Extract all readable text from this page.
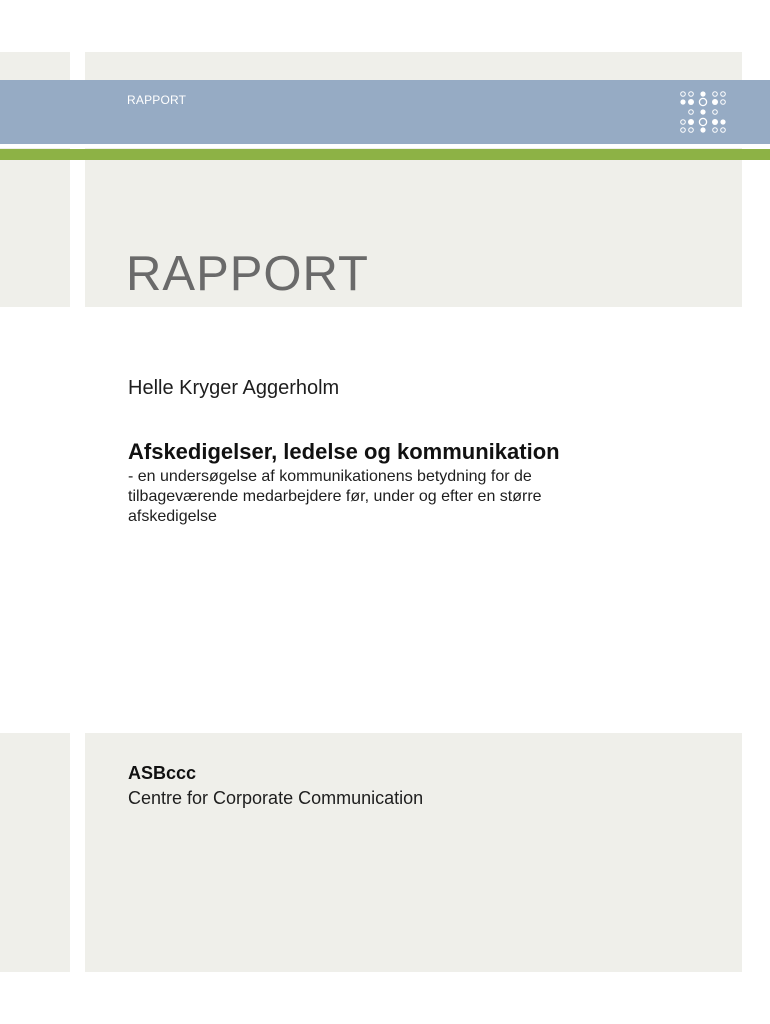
RAPPORT
RAPPORT
Helle Kryger Aggerholm
Afskedigelser, ledelse og kommunikation

- en undersøgelse af kommunikationens betydning for de tilbageværende medarbejdere før, under og efter en større afskedigelse

ASBccc
Centre for Corporate Communication
